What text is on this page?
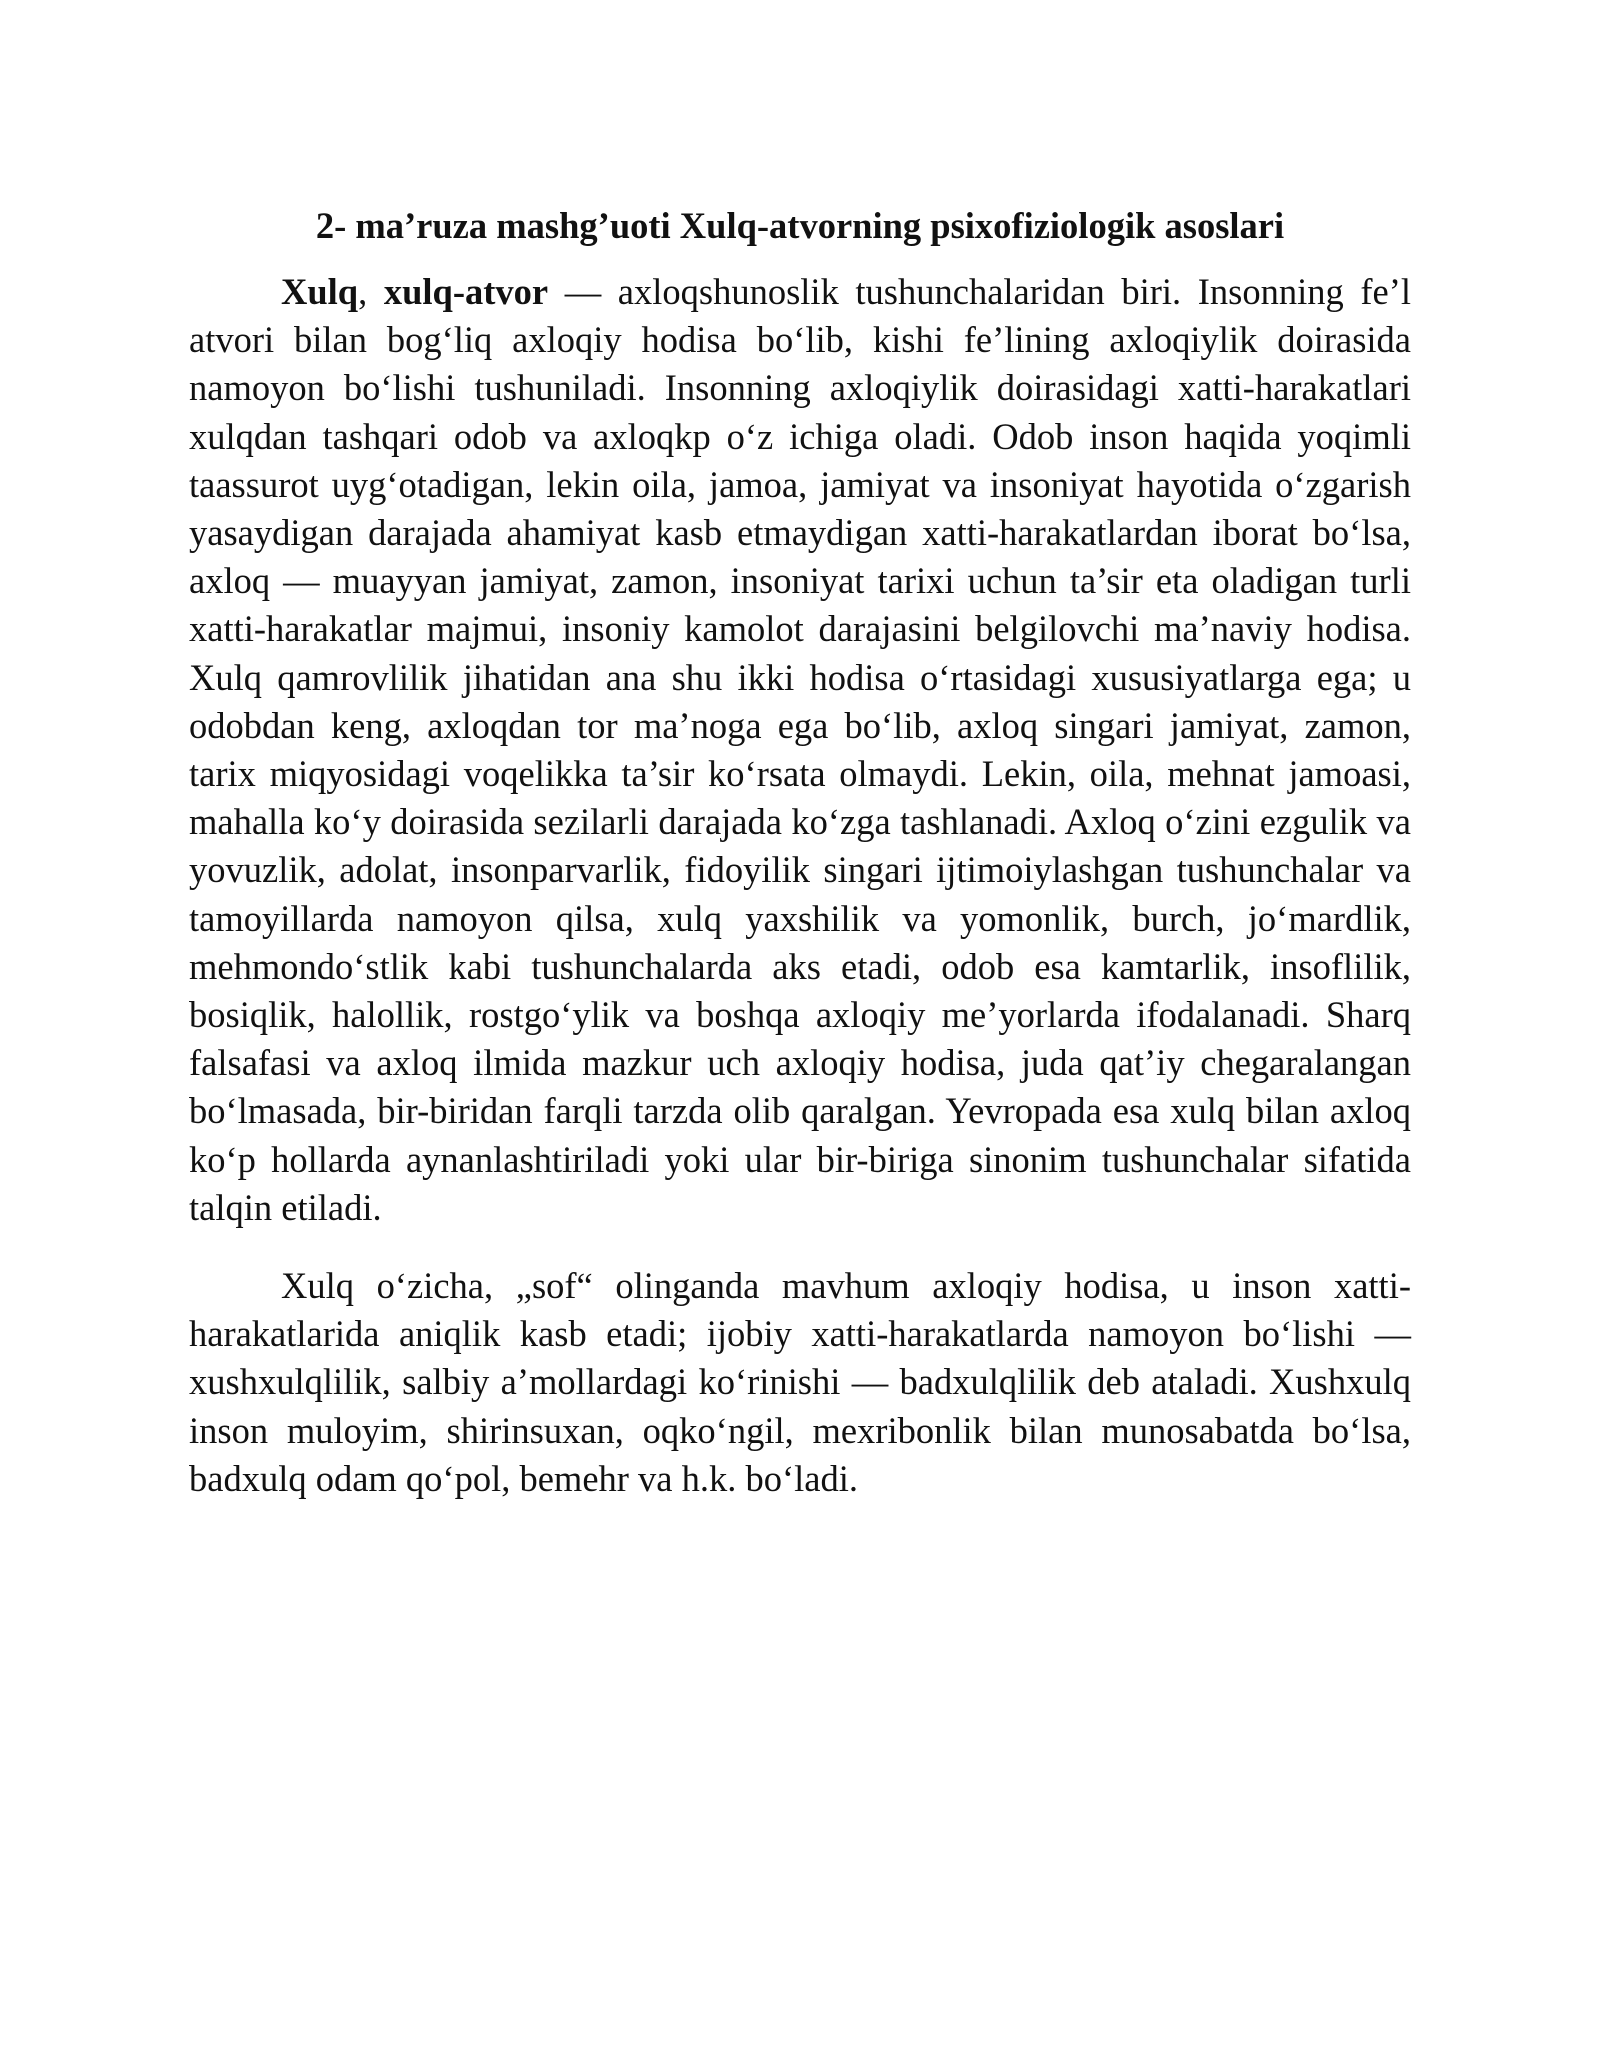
2- ma’ruza mashg’uoti Xulq-atvorning psixofiziologik asoslari

Xulq, xulq-atvor — axloqshunoslik tushunchalaridan biri. Insonning fe’l atvori bilan bog‘liq axloqiy hodisa bo‘lib, kishi fe’lining axloqiylik doirasida namoyon bo‘lishi tushuniladi. Insonning axloqiylik doirasidagi xatti-harakatlari xulqdan tashqari odob va axloqkp o‘z ichiga oladi. Odob inson haqida yoqimli taassurot uyg‘otadigan, lekin oila, jamoa, jamiyat va insoniyat hayotida o‘zgarish yasaydigan darajada ahamiyat kasb etmaydigan xatti-harakatlardan iborat bo‘lsa, axloq — muayyan jamiyat, zamon, insoniyat tarixi uchun ta’sir eta oladigan turli xatti-harakatlar majmui, insoniy kamolot darajasini belgilovchi ma’naviy hodisa. Xulq qamrovlilik jihatidan ana shu ikki hodisa o‘rtasidagi xususiyatlarga ega; u odobdan keng, axloqdan tor ma’noga ega bo‘lib, axloq singari jamiyat, zamon, tarix miqyosidagi voqelikka ta’sir ko‘rsata olmaydi. Lekin, oila, mehnat jamoasi, mahalla ko‘y doirasida sezilarli darajada ko‘zga tashlanadi. Axloq o‘zini ezgulik va yovuzlik, adolat, insonparvarlik, fidoyilik singari ijtimoiylashgan tushunchalar va tamoyillarda namoyon qilsa, xulq yaxshilik va yomonlik, burch, jo‘mardlik, mehmondo‘stlik kabi tushunchalarda aks etadi, odob esa kamtarlik, insoflilik, bosiqlik, halollik, rostgo‘ylik va boshqa axloqiy me’yorlarda ifodalanadi. Sharq falsafasi va axloq ilmida mazkur uch axloqiy hodisa, juda qat’iy chegaralangan bo‘lmasada, bir-biridan farqli tarzda olib qaralgan. Yevropada esa xulq bilan axloq ko‘p hollarda aynanlashtiriladi yoki ular bir-biriga sinonim tushunchalar sifatida talqin etiladi.

Xulq o‘zicha, „sof“ olinganda mavhum axloqiy hodisa, u inson xatti-harakatlarida aniqlik kasb etadi; ijobiy xatti-harakatlarda namoyon bo‘lishi — xushxulqlilik, salbiy a’mollardagi ko‘rinishi — badxulqlilik deb ataladi. Xushxulq inson muloyim, shirinsuxan, oqko‘ngil, mexribonlik bilan munosabatda bo‘lsa, badxulq odam qo‘pol, bemehr va h.k. bo‘ladi.
